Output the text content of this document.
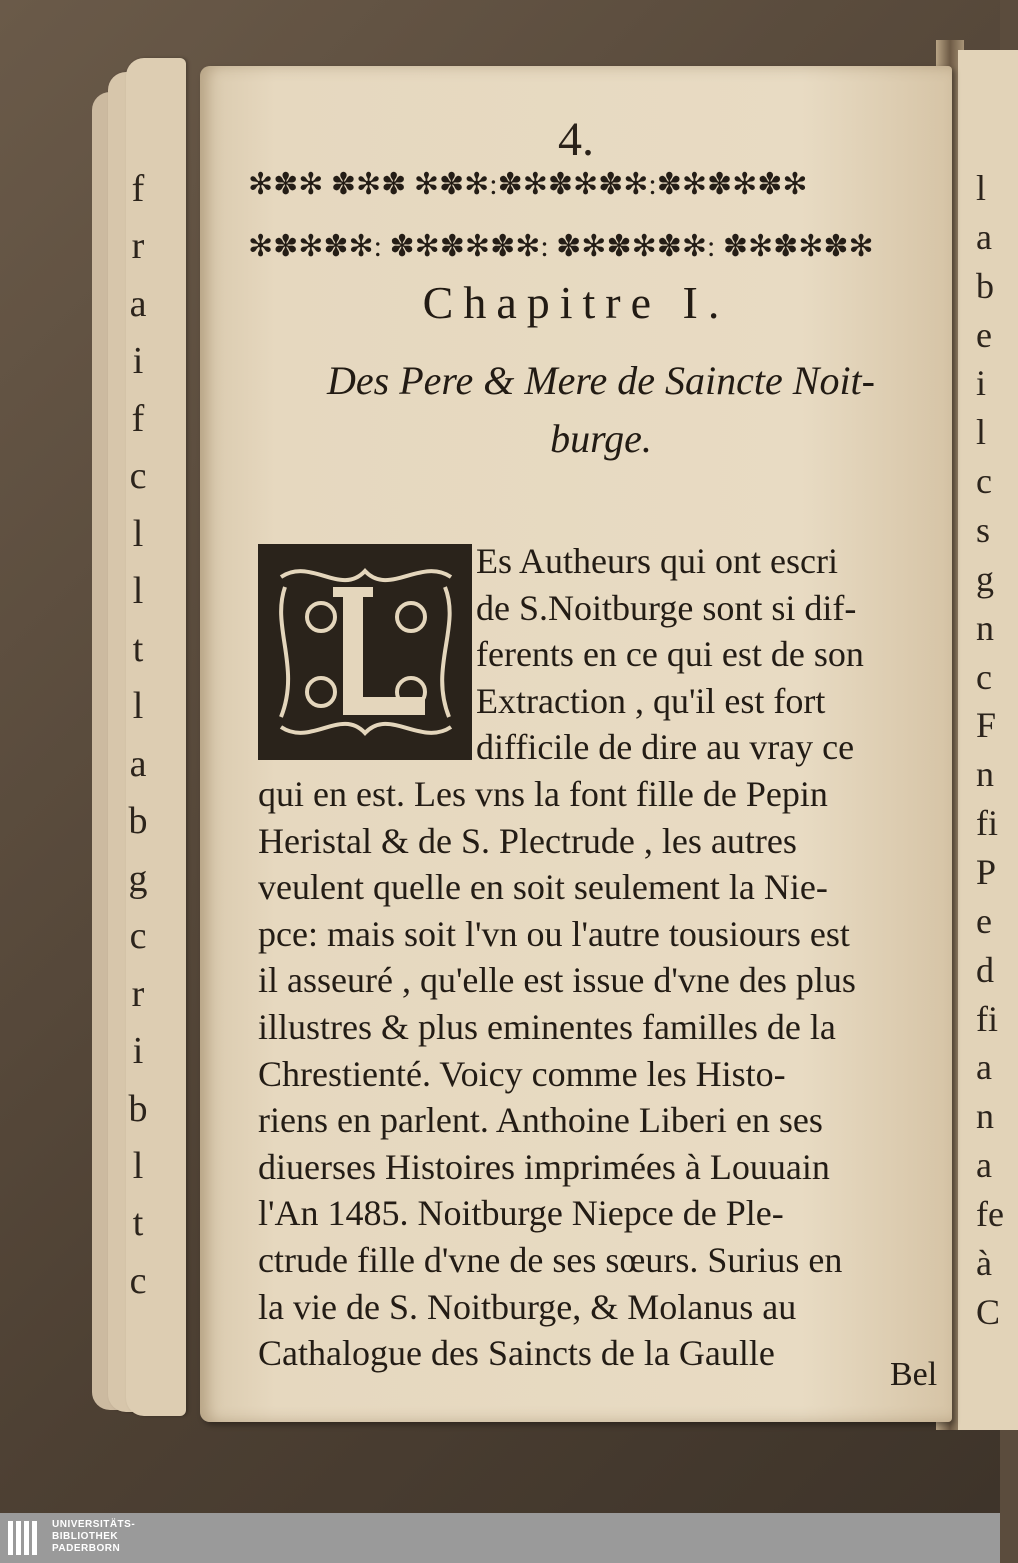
f
r
a
i
f
c
l
l
t
l
a
b
g
c
r
i
b
l
t
c
l
a
b
e
i
l
c
s
g
n
c
F
n
fi
P
e
d
fi
a
n
a
fe
à
C
4.
✻✽✻ ✽✻✽ ✻✽✻:✽✻✽✻✽✻:✽✻✽✻✽✻
✻✽✻✽✻: ✽✻✽✻✽✻: ✽✻✽✻✽✻: ✽✻✽✻✽✻
Chapitre I.
Des Pere & Mere de Saincte Noit-
burge.
Es Autheurs qui ont escri
de S.Noitburge sont si dif-
ferents en ce qui est de son
Extraction , qu'il est fort
difficile de dire au vray ce
qui en est. Les vns la font fille de Pepin
Heristal & de S. Plectrude , les autres
veulent quelle en soit seulement la Nie-
pce: mais soit l'vn ou l'autre tousiours est
il asseuré , qu'elle est issue d'vne des plus
illustres & plus eminentes familles de la
Chrestienté. Voicy comme les Histo-
riens en parlent. Anthoine Liberi en ses
diuerses Histoires imprimées à Louuain
l'An 1485. Noitburge Niepce de Ple-
ctrude fille d'vne de ses sœurs. Surius en
la vie de S. Noitburge, & Molanus au
Cathalogue des Saincts de la Gaulle
Bel
UNIVERSITÄTS-
BIBLIOTHEK
PADERBORN
